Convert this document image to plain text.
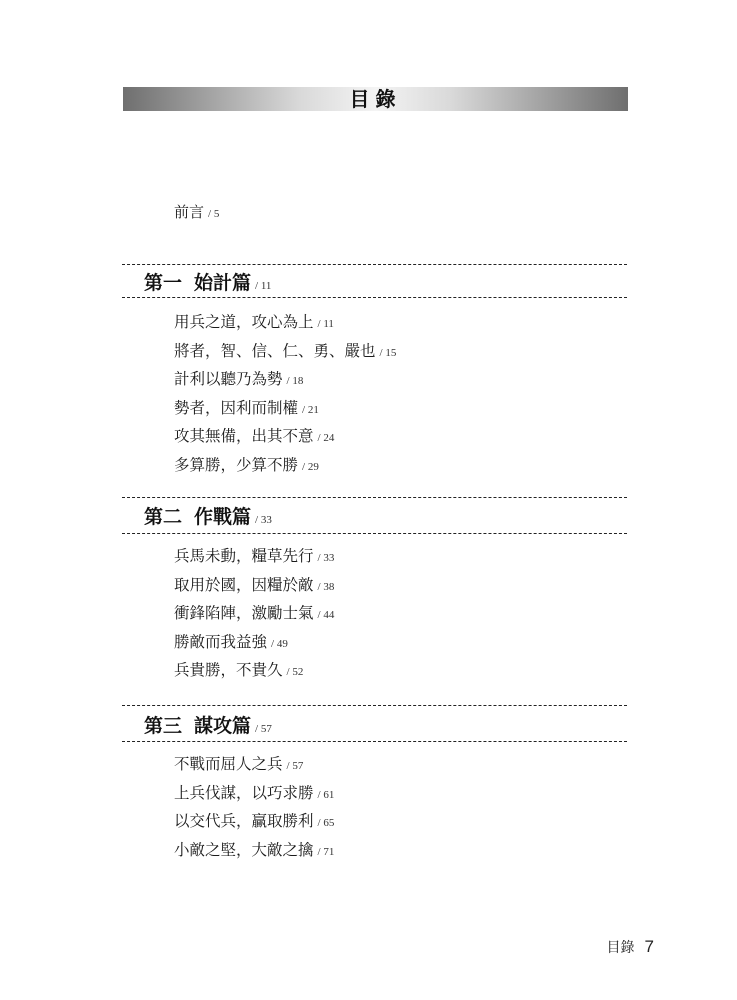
目錄
前言 / 5
第一 始計篇 / 11
用兵之道，攻心為上 / 11
將者，智、信、仁、勇、嚴也 / 15
計利以聽乃為勢 / 18
勢者，因利而制權 / 21
攻其無備，出其不意 / 24
多算勝，少算不勝 / 29
第二 作戰篇 / 33
兵馬未動，糧草先行 / 33
取用於國，因糧於敵 / 38
衝鋒陷陣，激勵士氣 / 44
勝敵而我益強 / 49
兵貴勝，不貴久 / 52
第三 謀攻篇 / 57
不戰而屈人之兵 / 57
上兵伐謀，以巧求勝 / 61
以交代兵，贏取勝利 / 65
小敵之堅，大敵之擒 / 71
目錄 7
